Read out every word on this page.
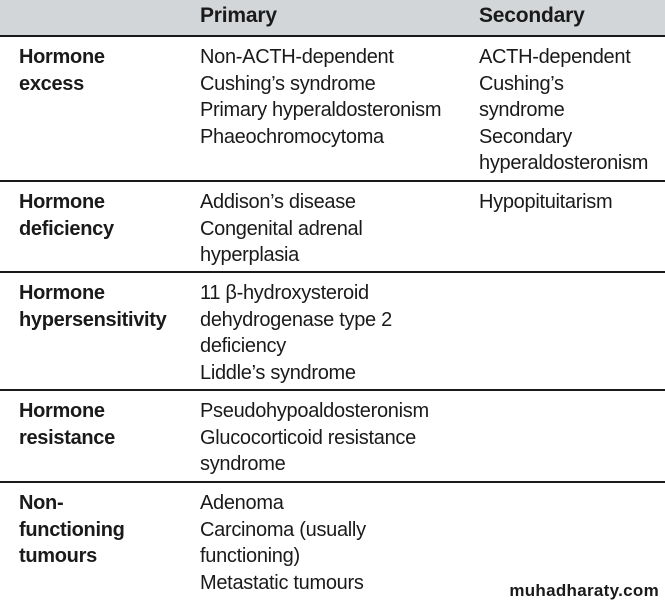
Primary	Secondary
Hormone
excess
Non-ACTH-dependent
Cushing’s syndrome
Primary hyperaldosteronism
Phaeochromocytoma
ACTH-dependent
Cushing’s
syndrome
Secondary
hyperaldosteronism
Hormone
deficiency
Addison’s disease
Congenital adrenal
hyperplasia
Hypopituitarism
Hormone
hypersensitivity
11 β-hydroxysteroid
dehydrogenase type 2
deficiency
Liddle’s syndrome
Hormone
resistance
Pseudohypoaldosteronism
Glucocorticoid resistance
syndrome
Non-
functioning
tumours
Adenoma
Carcinoma (usually
functioning)
Metastatic tumours	muhadharaty.com
